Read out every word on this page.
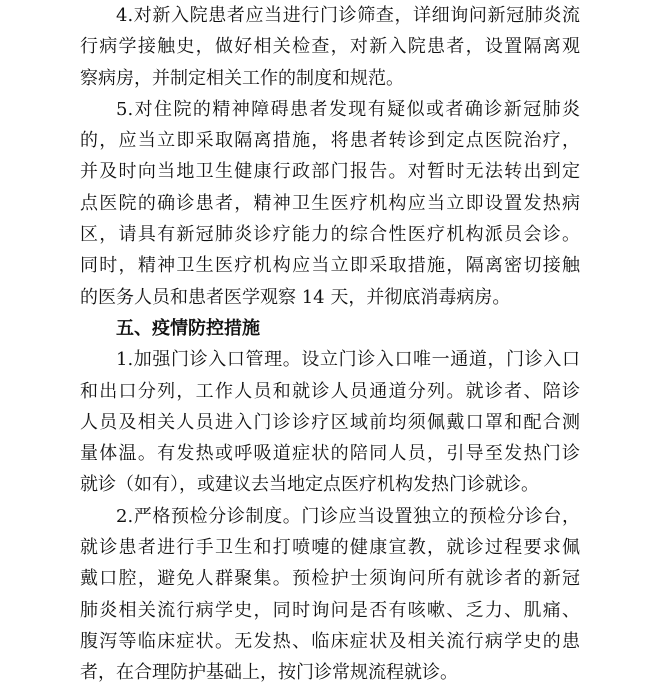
4.对新入院患者应当进行门诊筛查，详细询问新冠肺炎流
行病学接触史，做好相关检查，对新入院患者，设置隔离观
察病房，并制定相关工作的制度和规范。
5.对住院的精神障碍患者发现有疑似或者确诊新冠肺炎
的，应当立即采取隔离措施，将患者转诊到定点医院治疗，
并及时向当地卫生健康行政部门报告。对暂时无法转出到定
点医院的确诊患者，精神卫生医疗机构应当立即设置发热病
区，请具有新冠肺炎诊疗能力的综合性医疗机构派员会诊。
同时，精神卫生医疗机构应当立即采取措施，隔离密切接触
的医务人员和患者医学观察 14 天，并彻底消毒病房。
五、疫情防控措施
1.加强门诊入口管理。设立门诊入口唯一通道，门诊入口
和出口分列，工作人员和就诊人员通道分列。就诊者、陪诊
人员及相关人员进入门诊诊疗区域前均须佩戴口罩和配合测
量体温。有发热或呼吸道症状的陪同人员，引导至发热门诊
就诊（如有），或建议去当地定点医疗机构发热门诊就诊。
2.严格预检分诊制度。门诊应当设置独立的预检分诊台，
就诊患者进行手卫生和打喷嚏的健康宣教，就诊过程要求佩
戴口腔，避免人群聚集。预检护士须询问所有就诊者的新冠
肺炎相关流行病学史，同时询问是否有咳嗽、乏力、肌痛、
腹泻等临床症状。无发热、临床症状及相关流行病学史的患
者，在合理防护基础上，按门诊常规流程就诊。
